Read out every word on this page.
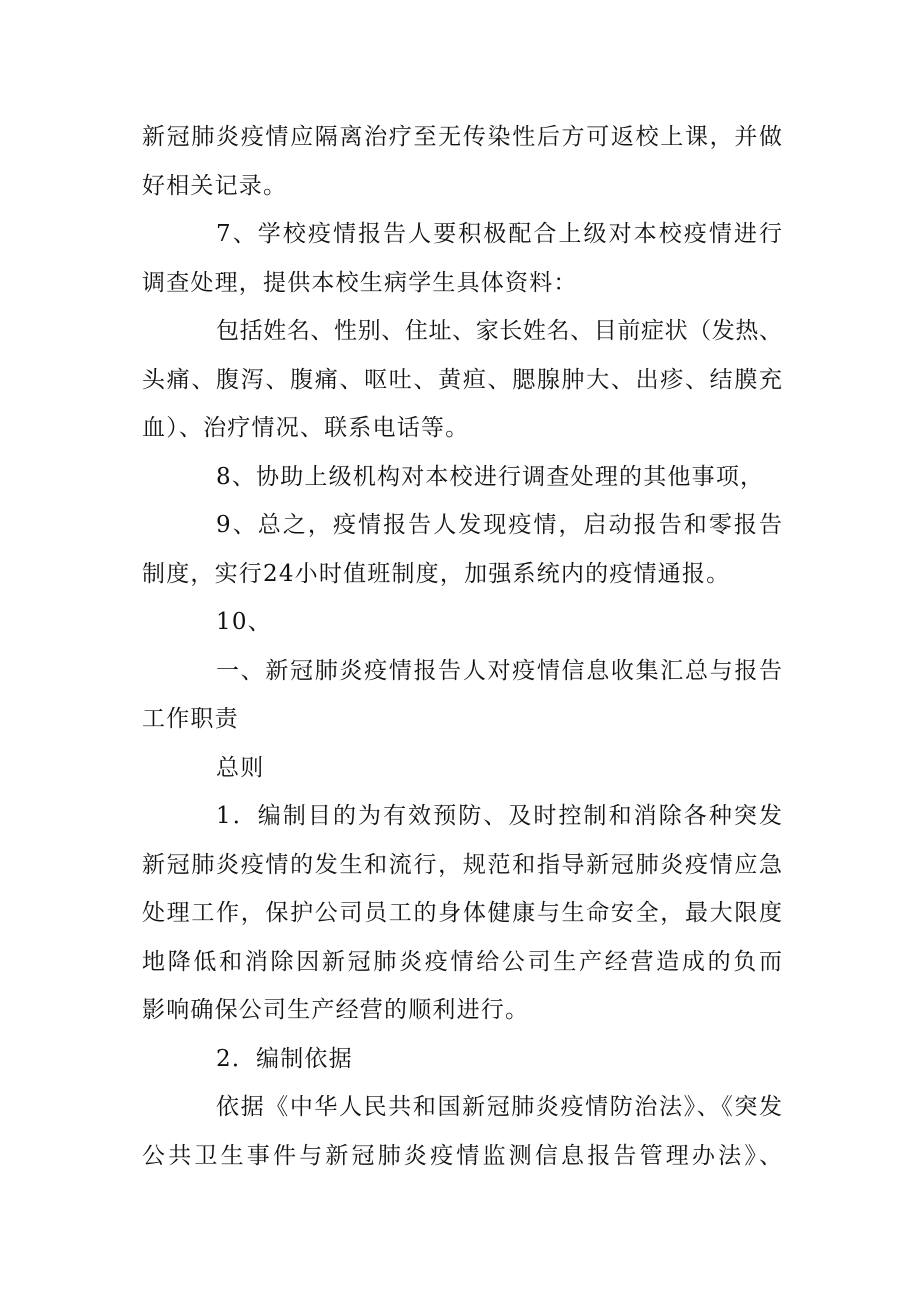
新冠肺炎疫情应隔离治疗至无传染性后方可返校上课，并做
好相关记录。
7、学校疫情报告人要积极配合上级对本校疫情进行
调查处理，提供本校生病学生具体资料：
包括姓名、性别、住址、家长姓名、目前症状（发热、
头痛、腹泻、腹痛、呕吐、黄疸、腮腺肿大、出疹、结膜充
血）、治疗情况、联系电话等。
8、协助上级机构对本校进行调查处理的其他事项，
9、总之，疫情报告人发现疫情，启动报告和零报告
制度，实行24小时值班制度，加强系统内的疫情通报。
10、
一、新冠肺炎疫情报告人对疫情信息收集汇总与报告
工作职责
总则
1．编制目的为有效预防、及时控制和消除各种突发
新冠肺炎疫情的发生和流行，规范和指导新冠肺炎疫情应急
处理工作，保护公司员工的身体健康与生命安全，最大限度
地降低和消除因新冠肺炎疫情给公司生产经营造成的负而
影响确保公司生产经营的顺利进行。
2．编制依据
依据《中华人民共和国新冠肺炎疫情防治法》、《突发
公共卫生事件与新冠肺炎疫情监测信息报告管理办法》、
